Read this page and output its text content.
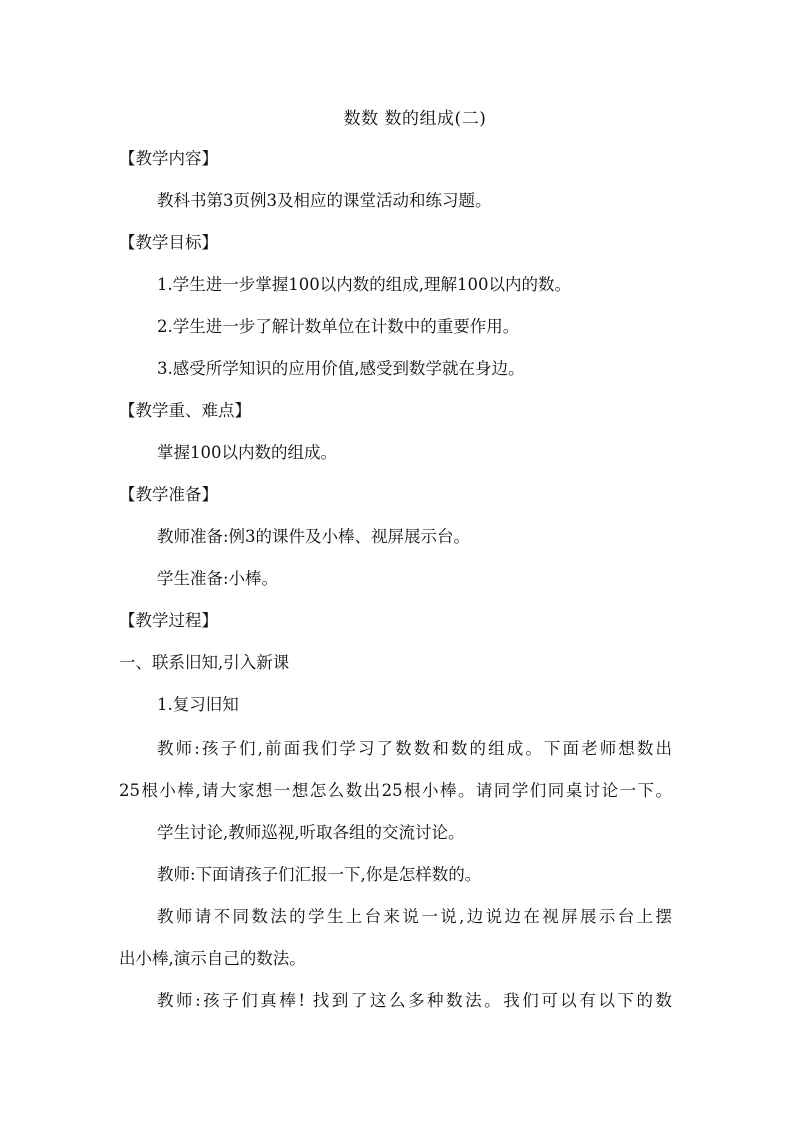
数数 数的组成(二)
【教学内容】
教科书第3页例3及相应的课堂活动和练习题。
【教学目标】
1.学生进一步掌握100以内数的组成,理解100以内的数。
2.学生进一步了解计数单位在计数中的重要作用。
3.感受所学知识的应用价值,感受到数学就在身边。
【教学重、难点】
掌握100以内数的组成。
【教学准备】
教师准备:例3的课件及小棒、视屏展示台。
学生准备:小棒。
【教学过程】
一、联系旧知,引入新课
1.复习旧知
教师:孩子们,前面我们学习了数数和数的组成。下面老师想数出
25根小棒,请大家想一想怎么数出25根小棒。请同学们同桌讨论一下。
学生讨论,教师巡视,听取各组的交流讨论。
教师:下面请孩子们汇报一下,你是怎样数的。
教师请不同数法的学生上台来说一说,边说边在视屏展示台上摆
出小棒,演示自己的数法。
教师:孩子们真棒! 找到了这么多种数法。我们可以有以下的数
